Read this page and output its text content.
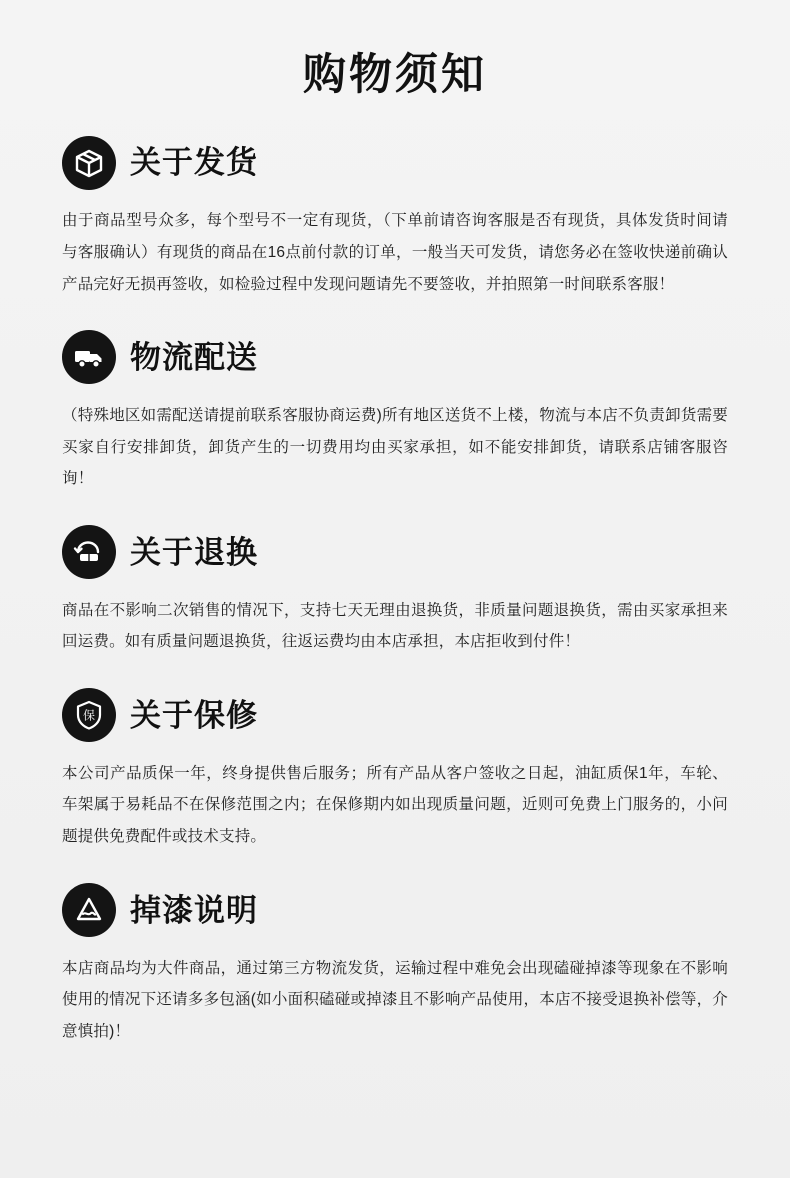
购物须知
关于发货

由于商品型号众多，每个型号不一定有现货，（下单前请咨询客服是否有现货，具体发货时间请与客服确认）有现货的商品在16点前付款的订单，一般当天可发货，请您务必在签收快递前确认产品完好无损再签收，如检验过程中发现问题请先不要签收，并拍照第一时间联系客服！

物流配送

（特殊地区如需配送请提前联系客服协商运费)所有地区送货不上楼，物流与本店不负责卸货需要买家自行安排卸货，卸货产生的一切费用均由买家承担，如不能安排卸货，请联系店铺客服咨询！

关于退换

商品在不影响二次销售的情况下，支持七天无理由退换货，非质量问题退换货，需由买家承担来回运费。如有质量问题退换货，往返运费均由本店承担，本店拒收到付件！

保 关于保修

本公司产品质保一年，终身提供售后服务；所有产品从客户签收之日起，油缸质保1年，车轮、车架属于易耗品不在保修范围之内；在保修期内如出现质量问题，近则可免费上门服务的，小问题提供免费配件或技术支持。

掉漆说明

本店商品均为大件商品，通过第三方物流发货，运输过程中难免会出现磕碰掉漆等现象在不影响使用的情况下还请多多包涵(如小面积磕碰或掉漆且不影响产品使用，本店不接受退换补偿等，介意慎拍)！
